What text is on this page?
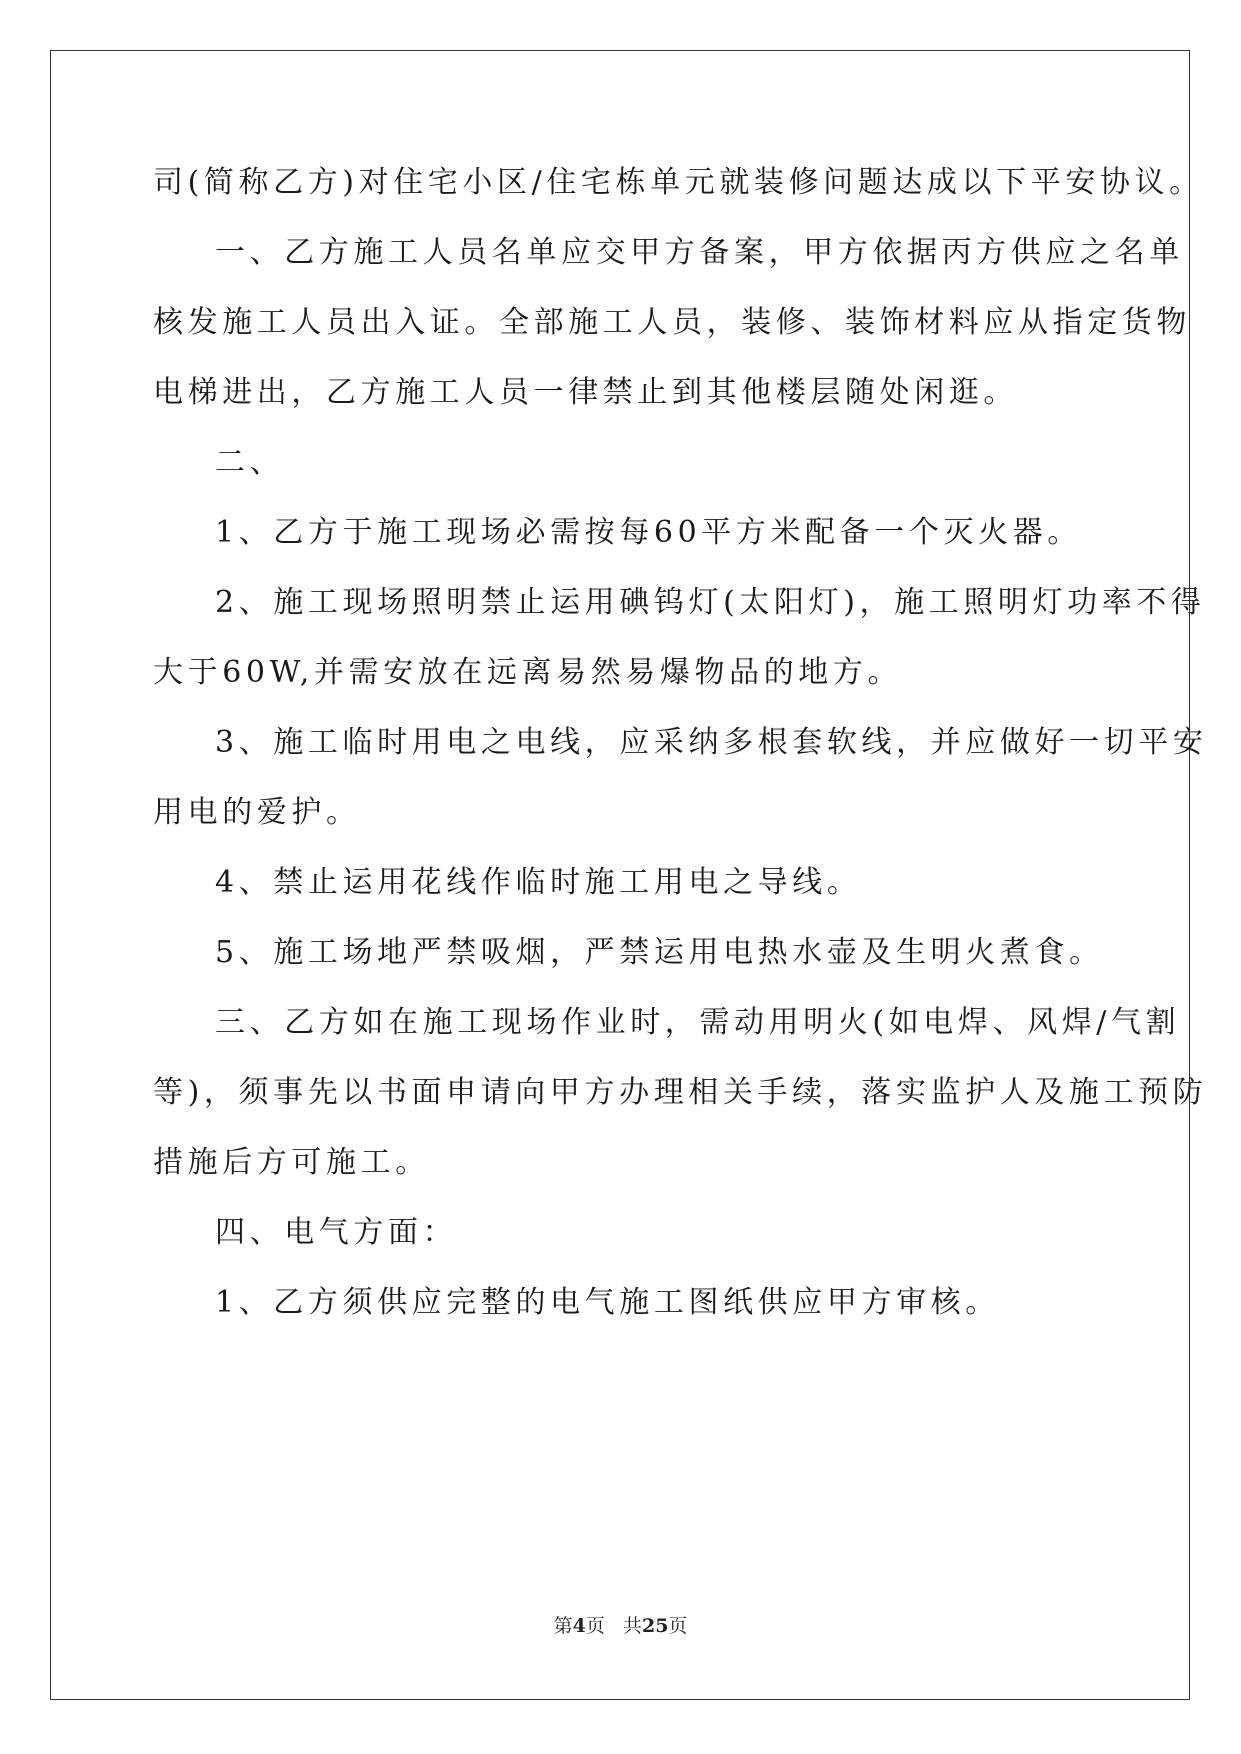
司(简称乙方)对住宅小区/住宅栋单元就装修问题达成以下平安协议。
一、乙方施工人员名单应交甲方备案，甲方依据丙方供应之名单
核发施工人员出入证。全部施工人员，装修、装饰材料应从指定货物
电梯进出，乙方施工人员一律禁止到其他楼层随处闲逛。
二、
1、乙方于施工现场必需按每60平方米配备一个灭火器。
2、施工现场照明禁止运用碘钨灯(太阳灯)，施工照明灯功率不得
大于60W,并需安放在远离易然易爆物品的地方。
3、施工临时用电之电线，应采纳多根套软线，并应做好一切平安
用电的爱护。
4、禁止运用花线作临时施工用电之导线。
5、施工场地严禁吸烟，严禁运用电热水壶及生明火煮食。
三、乙方如在施工现场作业时，需动用明火(如电焊、风焊/气割
等)，须事先以书面申请向甲方办理相关手续，落实监护人及施工预防
措施后方可施工。
四、电气方面：
1、乙方须供应完整的电气施工图纸供应甲方审核。
第4页 共25页
